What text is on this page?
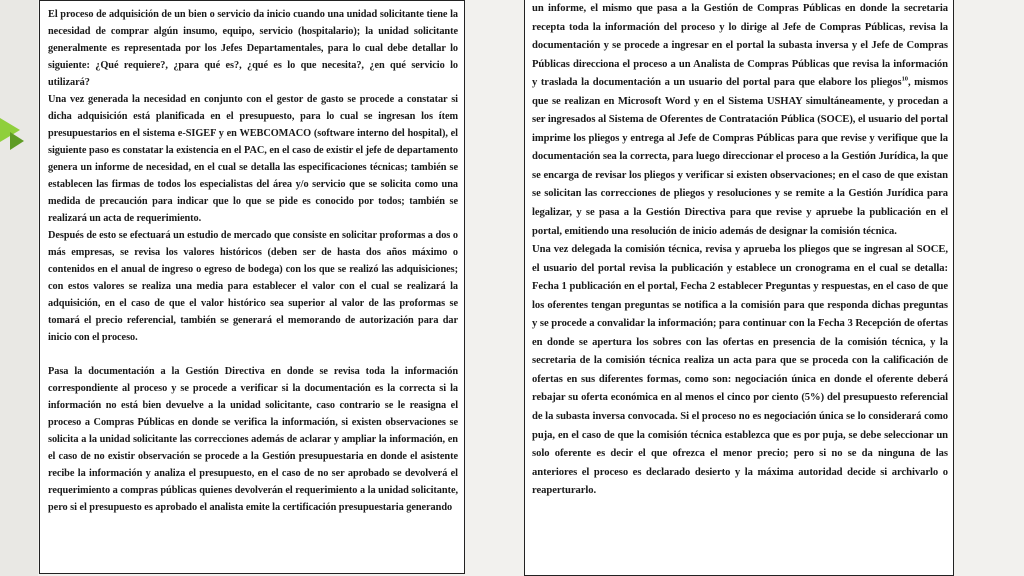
El proceso de adquisición de un bien o servicio da inicio cuando una unidad solicitante tiene la necesidad de comprar algún insumo, equipo, servicio (hospitalario); la unidad solicitante generalmente es representada por los Jefes Departamentales, para lo cual debe detallar lo siguiente: ¿Qué requiere?, ¿para qué es?, ¿qué es lo que necesita?, ¿en qué servicio lo utilizará?

Una vez generada la necesidad en conjunto con el gestor de gasto se procede a constatar si dicha adquisición está planificada en el presupuesto, para lo cual se ingresan los ítem presupuestarios en el sistema e-SIGEF y en WEBCOMACO (software interno del hospital), el siguiente paso es constatar la existencia en el PAC, en el caso de existir el jefe de departamento genera un informe de necesidad, en el cual se detalla las especificaciones técnicas; también se establecen las firmas de todos los especialistas del área y/o servicio que se solicita como una medida de precaución para indicar que lo que se pide es conocido por todos; también se realizará un acta de requerimiento.

Después de esto se efectuará un estudio de mercado que consiste en solicitar proformas a dos o más empresas, se revisa los valores históricos (deben ser de hasta dos años máximo o contenidos en el anual de ingreso o egreso de bodega) con los que se realizó las adquisiciones; con estos valores se realiza una media para establecer el valor con el cual se realizará la adquisición, en el caso de que el valor histórico sea superior al valor de las proformas se tomará el precio referencial, también se generará el memorando de autorización para dar inicio con el proceso.

Pasa la documentación a la Gestión Directiva en donde se revisa toda la información correspondiente al proceso y se procede a verificar si la documentación es la correcta si la información no está bien devuelve a la unidad solicitante, caso contrario se le reasigna el proceso a Compras Públicas en donde se verifica la información, si existen observaciones se solicita a la unidad solicitante las correcciones además de aclarar y ampliar la información, en el caso de no existir observación se procede a la Gestión presupuestaria en donde el asistente recibe la información y analiza el presupuesto, en el caso de no ser aprobado se devolverá el requerimiento a compras públicas quienes devolverán el requerimiento a la unidad solicitante, pero si el presupuesto es aprobado el analista emite la certificación presupuestaria generando

un informe, el mismo que pasa a la Gestión de Compras Públicas en donde la secretaria recepta toda la información del proceso y lo dirige al Jefe de Compras Públicas, revisa la documentación y se procede a ingresar en el portal la subasta inversa y el Jefe de Compras Públicas direcciona el proceso a un Analista de Compras Públicas que revisa la información y traslada la documentación a un usuario del portal para que elabore los pliegos$^{10}$, mismos que se realizan en Microsoft Word y en el Sistema USHAY simultáneamente, y procedan a ser ingresados al Sistema de Oferentes de Contratación Pública (SOCE), el usuario del portal imprime los pliegos y entrega al Jefe de Compras Públicas para que revise y verifique que la documentación sea la correcta, para luego direccionar el proceso a la Gestión Jurídica, la que se encarga de revisar los pliegos y verificar si existen observaciones; en el caso de que existan se solicitan las correcciones de pliegos y resoluciones y se remite a la Gestión Jurídica para legalizar, y se pasa a la Gestión Directiva para que revise y apruebe la publicación en el portal, emitiendo una resolución de inicio además de designar la comisión técnica.

Una vez delegada la comisión técnica, revisa y aprueba los pliegos que se ingresan al SOCE, el usuario del portal revisa la publicación y establece un cronograma en el cual se detalla: Fecha 1 publicación en el portal, Fecha 2 establecer Preguntas y respuestas, en el caso de que los oferentes tengan preguntas se notifica a la comisión para que responda dichas preguntas y se procede a convalidar la información; para continuar con la Fecha 3 Recepción de ofertas en donde se apertura los sobres con las ofertas en presencia de la comisión técnica, y la secretaria de la comisión técnica realiza un acta para que se proceda con la calificación de ofertas en sus diferentes formas, como son: negociación única en donde el oferente deberá rebajar su oferta económica en al menos el cinco por ciento (5%) del presupuesto referencial de la subasta inversa convocada. Si el proceso no es negociación única se lo considerará como puja, en el caso de que la comisión técnica establezca que es por puja, se debe seleccionar un solo oferente es decir el que ofrezca el menor precio; pero si no se da ninguna de las anteriores el proceso es declarado desierto y la máxima autoridad decide si archivarlo o reaperturarlo.
